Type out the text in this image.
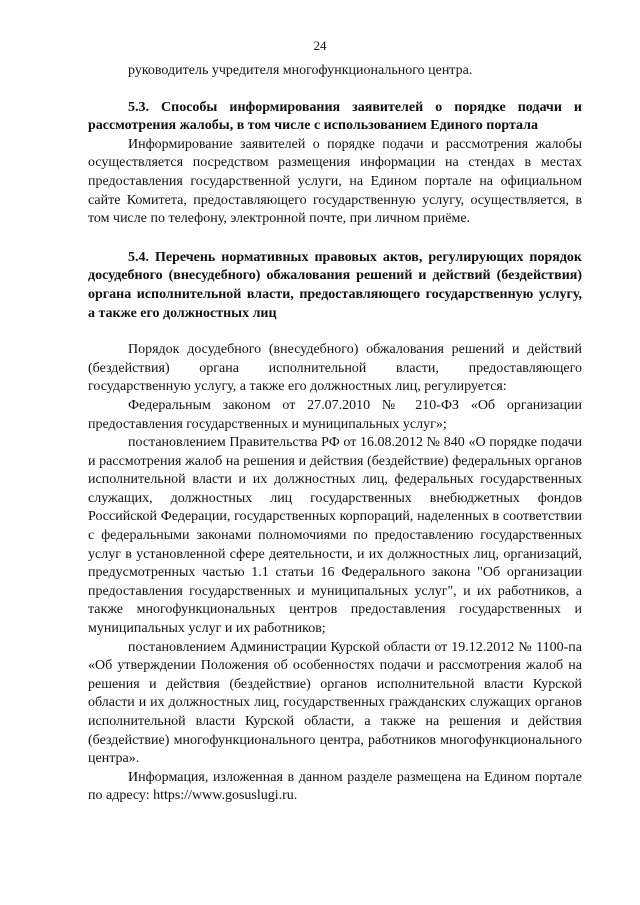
24

руководитель учредителя многофункционального центра.

5.3. Способы информирования заявителей о порядке подачи и рассмотрения жалобы, в том числе с использованием Единого портала

Информирование заявителей о порядке подачи и рассмотрения жалобы осуществляется посредством размещения информации на стендах в местах предоставления государственной услуги, на Едином портале на официальном сайте Комитета, предоставляющего государственную услугу, осуществляется, в том числе по телефону, электронной почте, при личном приёме.

5.4. Перечень нормативных правовых актов, регулирующих порядок досудебного (внесудебного) обжалования решений и действий (бездействия) органа исполнительной власти, предоставляющего государственную услугу, а также его должностных лиц

Порядок досудебного (внесудебного) обжалования решений и действий (бездействия) органа исполнительной власти, предоставляющего государственную услугу, а также его должностных лиц, регулируется:

Федеральным законом от 27.07.2010 № 210-ФЗ «Об организации предоставления государственных и муниципальных услуг»;

постановлением Правительства РФ от 16.08.2012 № 840 «О порядке подачи и рассмотрения жалоб на решения и действия (бездействие) федеральных органов исполнительной власти и их должностных лиц, федеральных государственных служащих, должностных лиц государственных внебюджетных фондов Российской Федерации, государственных корпораций, наделенных в соответствии с федеральными законами полномочиями по предоставлению государственных услуг в установленной сфере деятельности, и их должностных лиц, организаций, предусмотренных частью 1.1 статьи 16 Федерального закона "Об организации предоставления государственных и муниципальных услуг", и их работников, а также многофункциональных центров предоставления государственных и муниципальных услуг и их работников;

постановлением Администрации Курской области от 19.12.2012 № 1100-па «Об утверждении Положения об особенностях подачи и рассмотрения жалоб на решения и действия (бездействие) органов исполнительной власти Курской области и их должностных лиц, государственных гражданских служащих органов исполнительной власти Курской области, а также на решения и действия (бездействие) многофункционального центра, работников многофункционального центра».

Информация, изложенная в данном разделе размещена на Едином портале по адресу: https://www.gosuslugi.ru.
